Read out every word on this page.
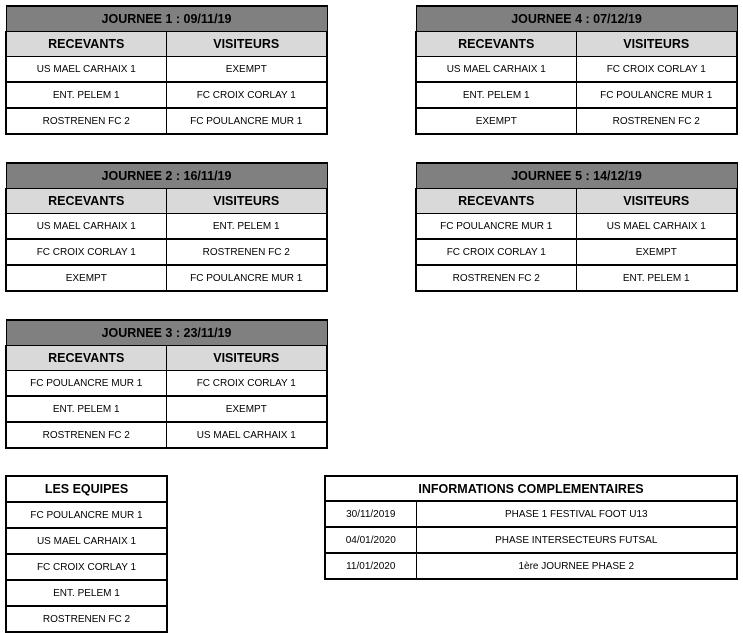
JOURNEE 1 : 09/11/19	
RECEVANTS	VISITEURS
US MAEL CARHAIX 1	EXEMPT
ENT. PELEM 1	FC CROIX CORLAY 1
ROSTRENEN FC 2	FC POULANCRE MUR 1
JOURNEE 2 : 16/11/19	
RECEVANTS	VISITEURS
US MAEL CARHAIX 1	ENT. PELEM 1
FC CROIX CORLAY 1	ROSTRENEN FC 2
EXEMPT	FC POULANCRE MUR 1
JOURNEE 3 : 23/11/19	
RECEVANTS	VISITEURS
FC POULANCRE MUR 1	FC CROIX CORLAY 1
ENT. PELEM 1	EXEMPT
ROSTRENEN FC 2	US MAEL CARHAIX 1
JOURNEE 4 : 07/12/19	
RECEVANTS	VISITEURS
US MAEL CARHAIX 1	FC CROIX CORLAY 1
ENT. PELEM 1	FC POULANCRE MUR 1
EXEMPT	ROSTRENEN FC 2
JOURNEE 5 : 14/12/19	
RECEVANTS	VISITEURS
FC POULANCRE MUR 1	US MAEL CARHAIX 1
FC CROIX CORLAY 1	EXEMPT
ROSTRENEN FC 2	ENT. PELEM 1
LES EQUIPES
FC POULANCRE MUR 1
US MAEL CARHAIX 1
FC CROIX CORLAY 1
ENT. PELEM 1
ROSTRENEN FC 2
INFORMATIONS COMPLEMENTAIRES	
30/11/2019	PHASE 1 FESTIVAL FOOT U13
04/01/2020	PHASE INTERSECTEURS FUTSAL
11/01/2020	1ère JOURNEE PHASE 2
